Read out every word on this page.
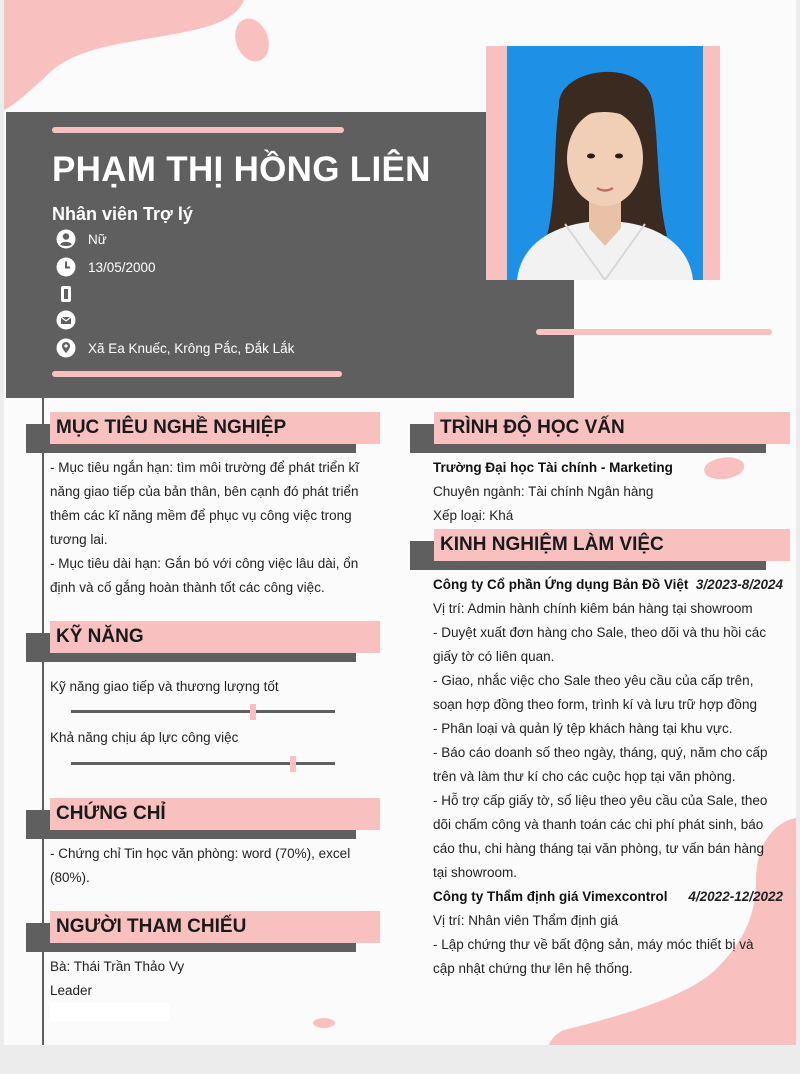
PHẠM THỊ HỒNG LIÊN
Nhân viên Trợ lý
Nữ
13/05/2000
Xã Ea Knuếc, Krông Pắc, Đắk Lắk
MỤC TIÊU NGHỀ NGHIỆP

- Mục tiêu ngắn hạn: tìm môi trường để phát triển kĩ

năng giao tiếp của bản thân, bên cạnh đó phát triển

thêm các kĩ năng mềm để phục vụ công việc trong

tương lai.

- Mục tiêu dài hạn: Gắn bó với công việc lâu dài, ổn

định và cố gắng hoàn thành tốt các công việc.

KỸ NĂNG
Kỹ năng giao tiếp và thương lượng tốt
Khả năng chịu áp lực công việc
CHỨNG CHỈ

- Chứng chỉ Tin học văn phòng: word (70%), excel

(80%).

NGƯỜI THAM CHIẾU

Bà: Thái Trần Thảo Vy

Leader

TRÌNH ĐỘ HỌC VẤN

Trường Đại học Tài chính - Marketing

Chuyên ngành: Tài chính Ngân hàng

Xếp loại: Khá

KINH NGHIỆM LÀM VIỆC

Công ty Cổ phần Ứng dụng Bản Đồ Việt 3/2023-8/2024

Vị trí: Admin hành chính kiêm bán hàng tại showroom

- Duyệt xuất đơn hàng cho Sale, theo dõi và thu hồi các

giấy tờ có liên quan.

- Giao, nhắc việc cho Sale theo yêu cầu của cấp trên,

soạn hợp đồng theo form, trình kí và lưu trữ hợp đồng

- Phân loại và quản lý tệp khách hàng tại khu vực.

- Báo cáo doanh số theo ngày, tháng, quý, năm cho cấp

trên và làm thư kí cho các cuộc họp tại văn phòng.

- Hỗ trợ cấp giấy tờ, số liệu theo yêu cầu của Sale, theo

dõi chấm công và thanh toán các chi phí phát sinh, báo

cáo thu, chi hàng tháng tại văn phòng, tư vấn bán hàng

tại showroom.

Công ty Thẩm định giá Vimexcontrol 4/2022-12/2022

Vị trí: Nhân viên Thẩm định giá

- Lập chứng thư về bất động sản, máy móc thiết bị và

cập nhật chứng thư lên hệ thống.
